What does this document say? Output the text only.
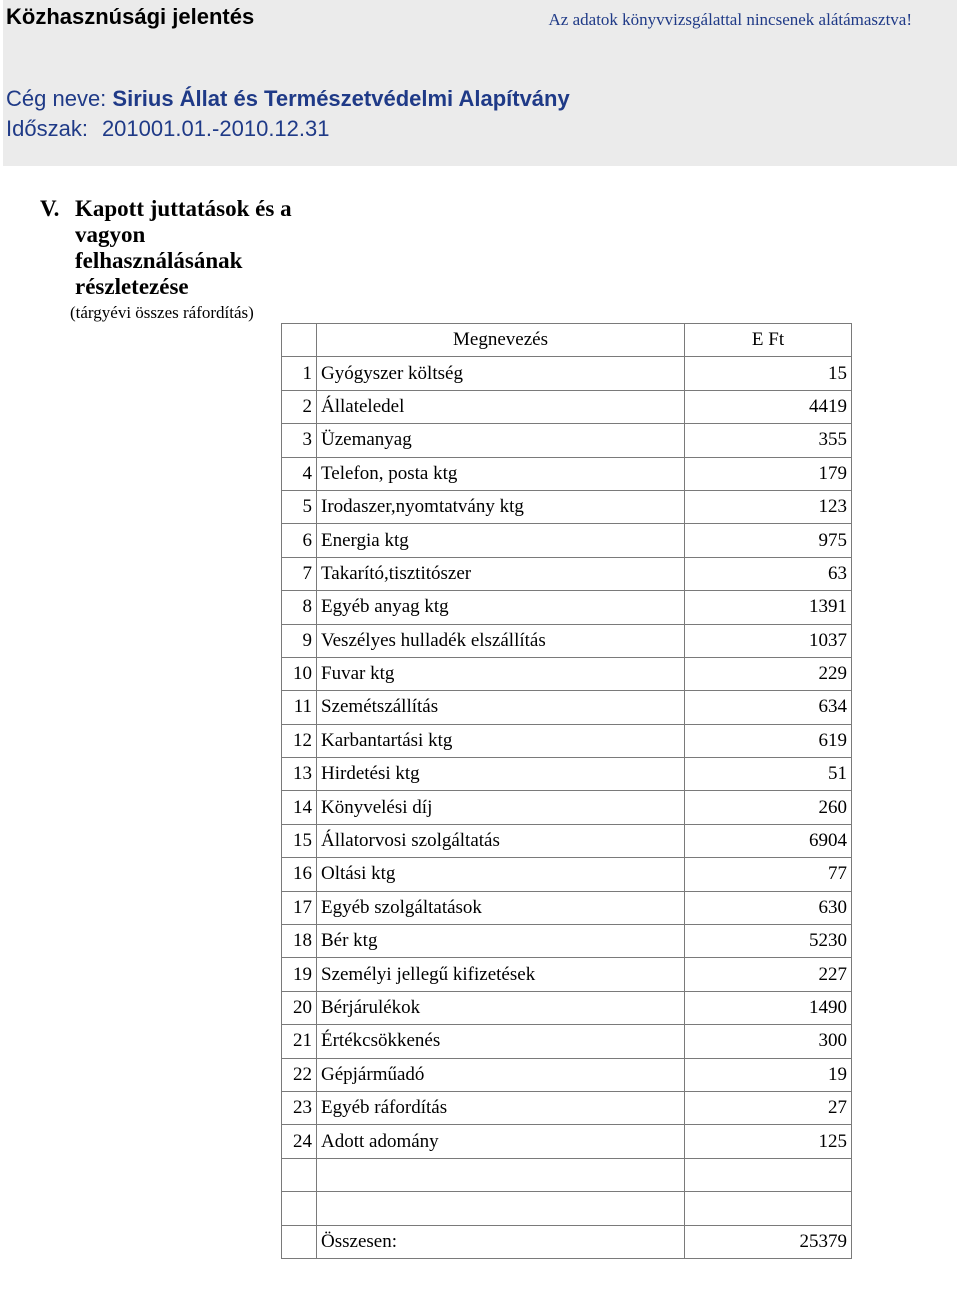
Közhasznúsági jelentés	Az adatok könyvvizsgálattal nincsenek alátámasztva!
Cég neve: Sirius Állat és Természetvédelmi Alapítvány
Időszak: 201001.01.-2010.12.31
V. Kapott juttatások és a vagyon felhasználásának részletezése
(tárgyévi összes ráfordítás)
	Megnevezés	E Ft
1	Gyógyszer költség	15
2	Állateledel	4419
3	Üzemanyag	355
4	Telefon, posta ktg	179
5	Irodaszer,nyomtatvány ktg	123
6	Energia ktg	975
7	Takarító,tisztitószer	63
8	Egyéb anyag ktg	1391
9	Veszélyes hulladék elszállítás	1037
10	Fuvar ktg	229
11	Szemétszállítás	634
12	Karbantartási ktg	619
13	Hirdetési ktg	51
14	Könyvelési díj	260
15	Állatorvosi szolgáltatás	6904
16	Oltási ktg	77
17	Egyéb szolgáltatások	630
18	Bér ktg	5230
19	Személyi jellegű kifizetések	227
20	Bérjárulékok	1490
21	Értékcsökkenés	300
22	Gépjárműadó	19
23	Egyéb ráfordítás	27
24	Adott adomány	125

	Összesen:	25379
